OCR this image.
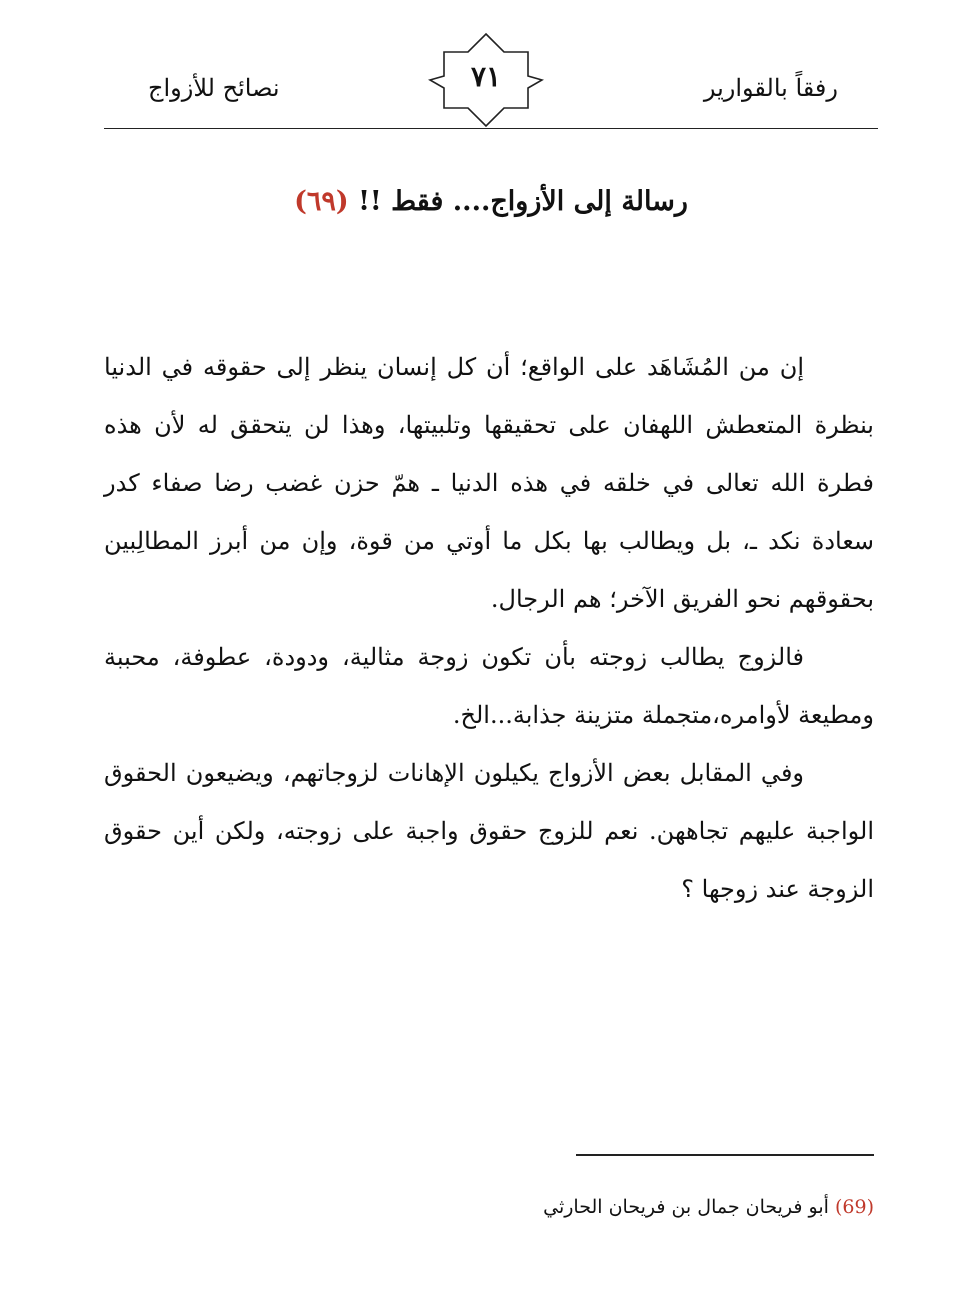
رفقاً بالقوارير
٧١
نصائح للأزواج
رسالة إلى الأزواج.... فقط !! (٦٩)

إن من المُشَاهَد على الواقع؛ أن كل إنسان ينظر إلى حقوقه في الدنيا بنظرة المتعطش اللهفان على تحقيقها وتلبيتها، وهذا لن يتحقق له لأن هذه فطرة الله تعالى في خلقه في هذه الدنيا ـ همّ حزن غضب رضا صفاء كدر سعادة نكد ـ، بل ويطالب بها بكل ما أوتي من قوة، وإن من أبرز المطالِبين بحقوقهم نحو الفريق الآخر؛ هم الرجال.

فالزوج يطالب زوجته بأن تكون زوجة مثالية، ودودة، عطوفة، محببة ومطيعة لأوامره،متجملة متزينة جذابة...الخ.

وفي المقابل بعض الأزواج يكيلون الإهانات لزوجاتهم، ويضيعون الحقوق الواجبة عليهم تجاههن. نعم للزوج حقوق واجبة على زوجته، ولكن أين حقوق الزوجة عند زوجها ؟

(69) أبو فريحان جمال بن فريحان الحارثي
